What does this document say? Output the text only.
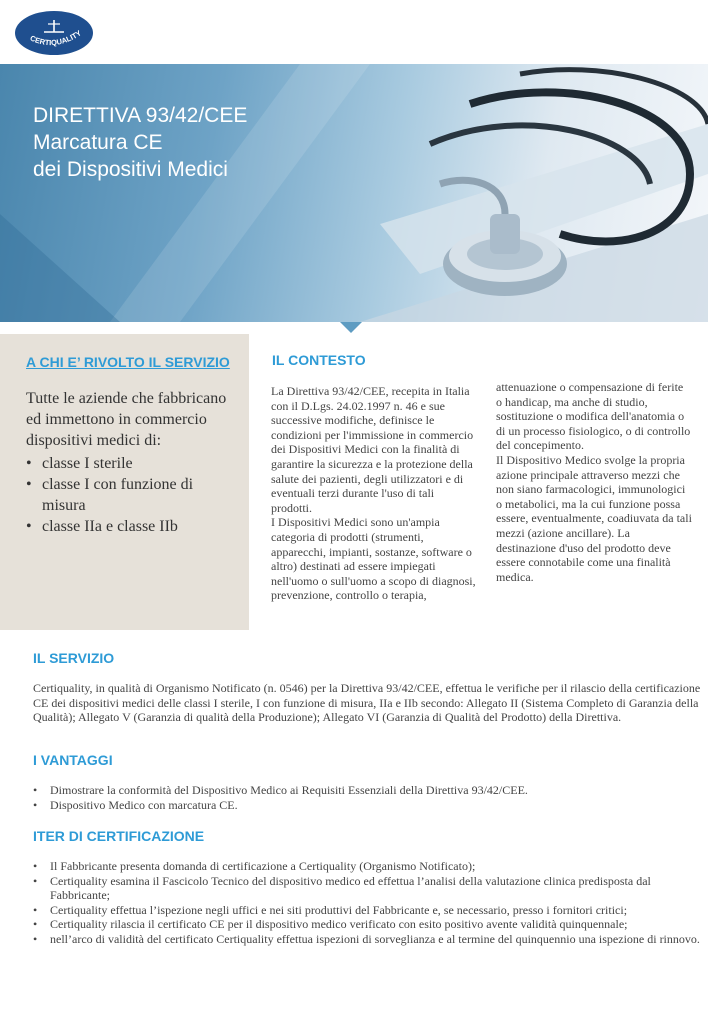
CERTIQUALITY
DIRETTIVA 93/42/CEE
Marcatura CE
dei Dispositivi Medici
A CHI E’ RIVOLTO IL SERVIZIO

Tutte le aziende che fabbricano ed immettono in commercio dispositivi medici di:

• classe I sterile
• classe I con funzione di misura
• classe IIa e classe IIb
IL CONTESTO

La Direttiva 93/42/CEE, recepita in Italia con il D.Lgs. 24.02.1997 n. 46 e sue successive modifiche, definisce le condizioni per l'immissione in commercio dei Dispositivi Medici con la finalità di garantire la sicurezza e la protezione della salute dei pazienti, degli utilizzatori e di eventuali terzi durante l'uso di tali prodotti.

I Dispositivi Medici sono un'ampia categoria di prodotti (strumenti, apparecchi, impianti, sostanze, software o altro) destinati ad essere impiegati nell'uomo o sull'uomo a scopo di diagnosi, prevenzione, controllo o terapia,

attenuazione o compensazione di ferite o handicap, ma anche di studio, sostituzione o modifica dell'anatomia o di un processo fisiologico, o di controllo del concepimento.

Il Dispositivo Medico svolge la propria azione principale attraverso mezzi che non siano farmacologici, immunologici o metabolici, ma la cui funzione possa essere, eventualmente, coadiuvata da tali mezzi (azione ancillare). La destinazione d'uso del prodotto deve essere connotabile come una finalità medica.

IL SERVIZIO

Certiquality, in qualità di Organismo Notificato (n. 0546) per la Direttiva 93/42/CEE, effettua le verifiche per il rilascio della certificazione CE dei dispositivi medici delle classi I sterile, I con funzione di misura, IIa e IIb secondo: Allegato II (Sistema Completo di Garanzia della Qualità); Allegato V (Garanzia di qualità della Produzione); Allegato VI (Garanzia di Qualità del Prodotto) della Direttiva.

I VANTAGGI
• Dimostrare la conformità del Dispositivo Medico ai Requisiti Essenziali della Direttiva 93/42/CEE.
• Dispositivo Medico con marcatura CE.
ITER DI CERTIFICAZIONE
• Il Fabbricante presenta domanda di certificazione a Certiquality (Organismo Notificato);
• Certiquality esamina il Fascicolo Tecnico del dispositivo medico ed effettua l’analisi della valutazione clinica predisposta dal Fabbricante;
• Certiquality effettua l’ispezione negli uffici e nei siti produttivi del Fabbricante e, se necessario, presso i fornitori critici;
• Certiquality rilascia il certificato CE per il dispositivo medico verificato con esito positivo avente validità quinquennale;
• nell’arco di validità del certificato Certiquality effettua ispezioni di sorveglianza e al termine del quinquennio una ispezione di rinnovo.
